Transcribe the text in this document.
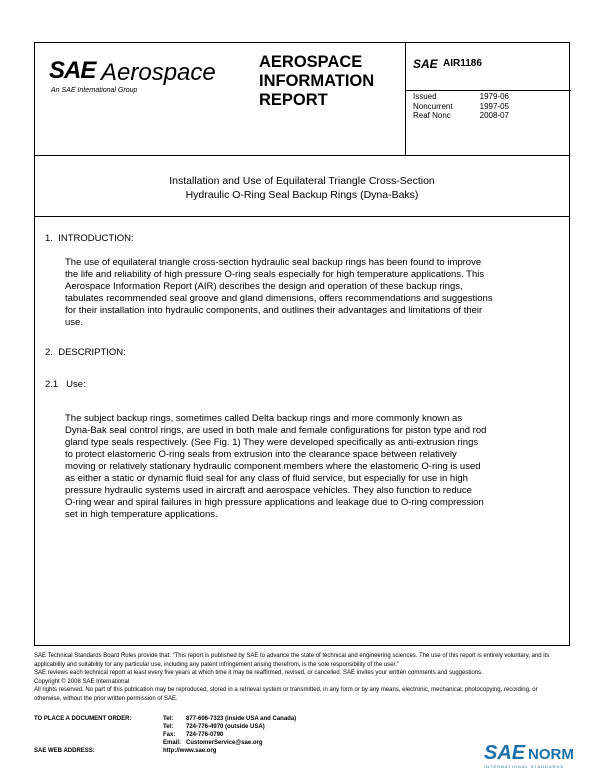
SAE Aerospace
An SAE International Group
AEROSPACE
INFORMATION
REPORT
SAE AIR1186
Issued	1979-06
Noncurrent	1997-05
Reaf Nonc	2008-07
Installation and Use of Equilateral Triangle Cross-Section
Hydraulic O-Ring Seal Backup Rings (Dyna-Baks)
1. INTRODUCTION:
The use of equilateral triangle cross-section hydraulic seal backup rings has been found to improve
the life and reliability of high pressure O-ring seals especially for high temperature applications. This
Aerospace Information Report (AIR) describes the design and operation of these backup rings,
tabulates recommended seal groove and gland dimensions, offers recommendations and suggestions
for their installation into hydraulic components, and outlines their advantages and limitations of their
use.
2. DESCRIPTION:
2.1 Use:
The subject backup rings, sometimes called Delta backup rings and more commonly known as
Dyna-Bak seal control rings, are used in both male and female configurations for piston type and rod
gland type seals respectively. (See Fig. 1) They were developed specifically as anti-extrusion rings
to protect elastomeric O-ring seals from extrusion into the clearance space between relatively
moving or relatively stationary hydraulic component members where the elastomeric O-ring is used
as either a static or dynamic fluid seal for any class of fluid service, but especially for use in high
pressure hydraulic systems used in aircraft and aerospace vehicles. They also function to reduce
O-ring wear and spiral failures in high pressure applications and leakage due to O-ring compression
set in high temperature applications.
SAE Technical Standards Board Rules provide that: “This report is published by SAE to advance the state of technical and engineering sciences. The use of this report is entirely voluntary, and its applicability and suitability for any particular use, including any patent infringement arising therefrom, is the sole responsibility of the user.”
SAE reviews each technical report at least every five years at which time it may be reaffirmed, revised, or cancelled. SAE invites your written comments and suggestions.
Copyright © 2008 SAE International
All rights reserved. No part of this publication may be reproduced, stored in a retrieval system or transmitted, in any form or by any means, electronic, mechanical, photocopying, recording, or otherwise, without the prior written permission of SAE.
TO PLACE A DOCUMENT ORDER:	Tel: 877-606-7323 (inside USA and Canada)
Tel: 724-776-4970 (outside USA)
Fax: 724-776-0790
Email: CustomerService@sae.org
SAE WEB ADDRESS:	http://www.sae.org	SAE NORM
INTERNATIONAL STANDARDS
